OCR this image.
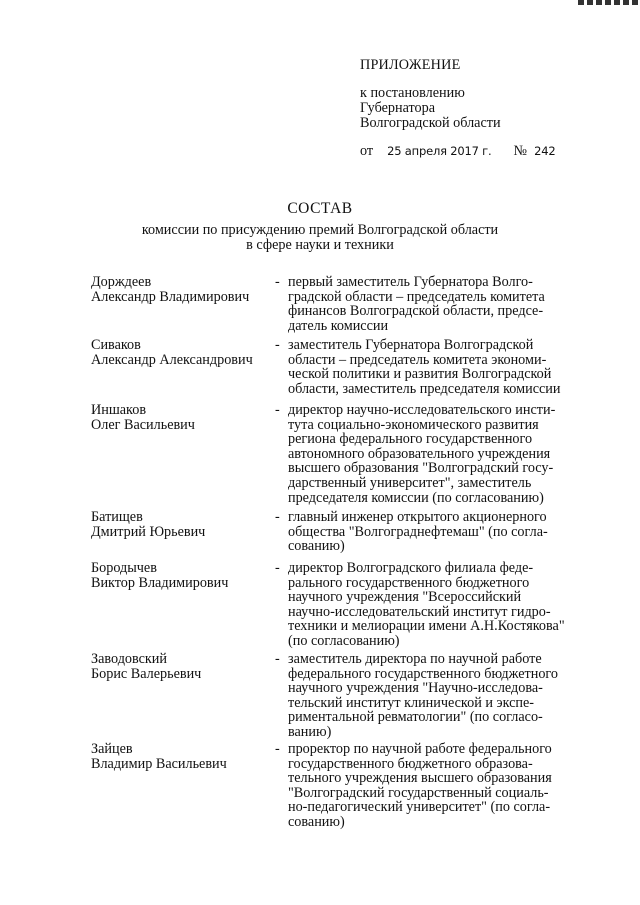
ПРИЛОЖЕНИЕ
к постановлению
Губернатора
Волгоградской области
от 25 апреля 2017 г. № 242
СОСТАВ
комиссии по присуждению премий Волгоградской области
в сфере науки и техники
Дорждеев
Александр Владимирович
- первый заместитель Губернатора Волго-
градской области – председатель комитета
финансов Волгоградской области, предсе-
датель комиссии
Сиваков
Александр Александрович
- заместитель Губернатора Волгоградской
области – председатель комитета экономи-
ческой политики и развития Волгоградской
области, заместитель председателя комиссии
Иншаков
Олег Васильевич
- директор научно-исследовательского инсти-
тута социально-экономического развития
региона федерального государственного
автономного образовательного учреждения
высшего образования "Волгоградский госу-
дарственный университет", заместитель
председателя комиссии (по согласованию)
Батищев
Дмитрий Юрьевич
- главный инженер открытого акционерного
общества "Волгограднефтемаш" (по согла-
сованию)
Бородычев
Виктор Владимирович
- директор Волгоградского филиала феде-
рального государственного бюджетного
научного учреждения "Всероссийский
научно-исследовательский институт гидро-
техники и мелиорации имени А.Н.Костякова"
(по согласованию)
Заводовский
Борис Валерьевич
- заместитель директора по научной работе
федерального государственного бюджетного
научного учреждения "Научно-исследова-
тельский институт клинической и экспе-
риментальной ревматологии" (по согласо-
ванию)
Зайцев
Владимир Васильевич
- проректор по научной работе федерального
государственного бюджетного образова-
тельного учреждения высшего образования
"Волгоградский государственный социаль-
но-педагогический университет" (по согла-
сованию)
